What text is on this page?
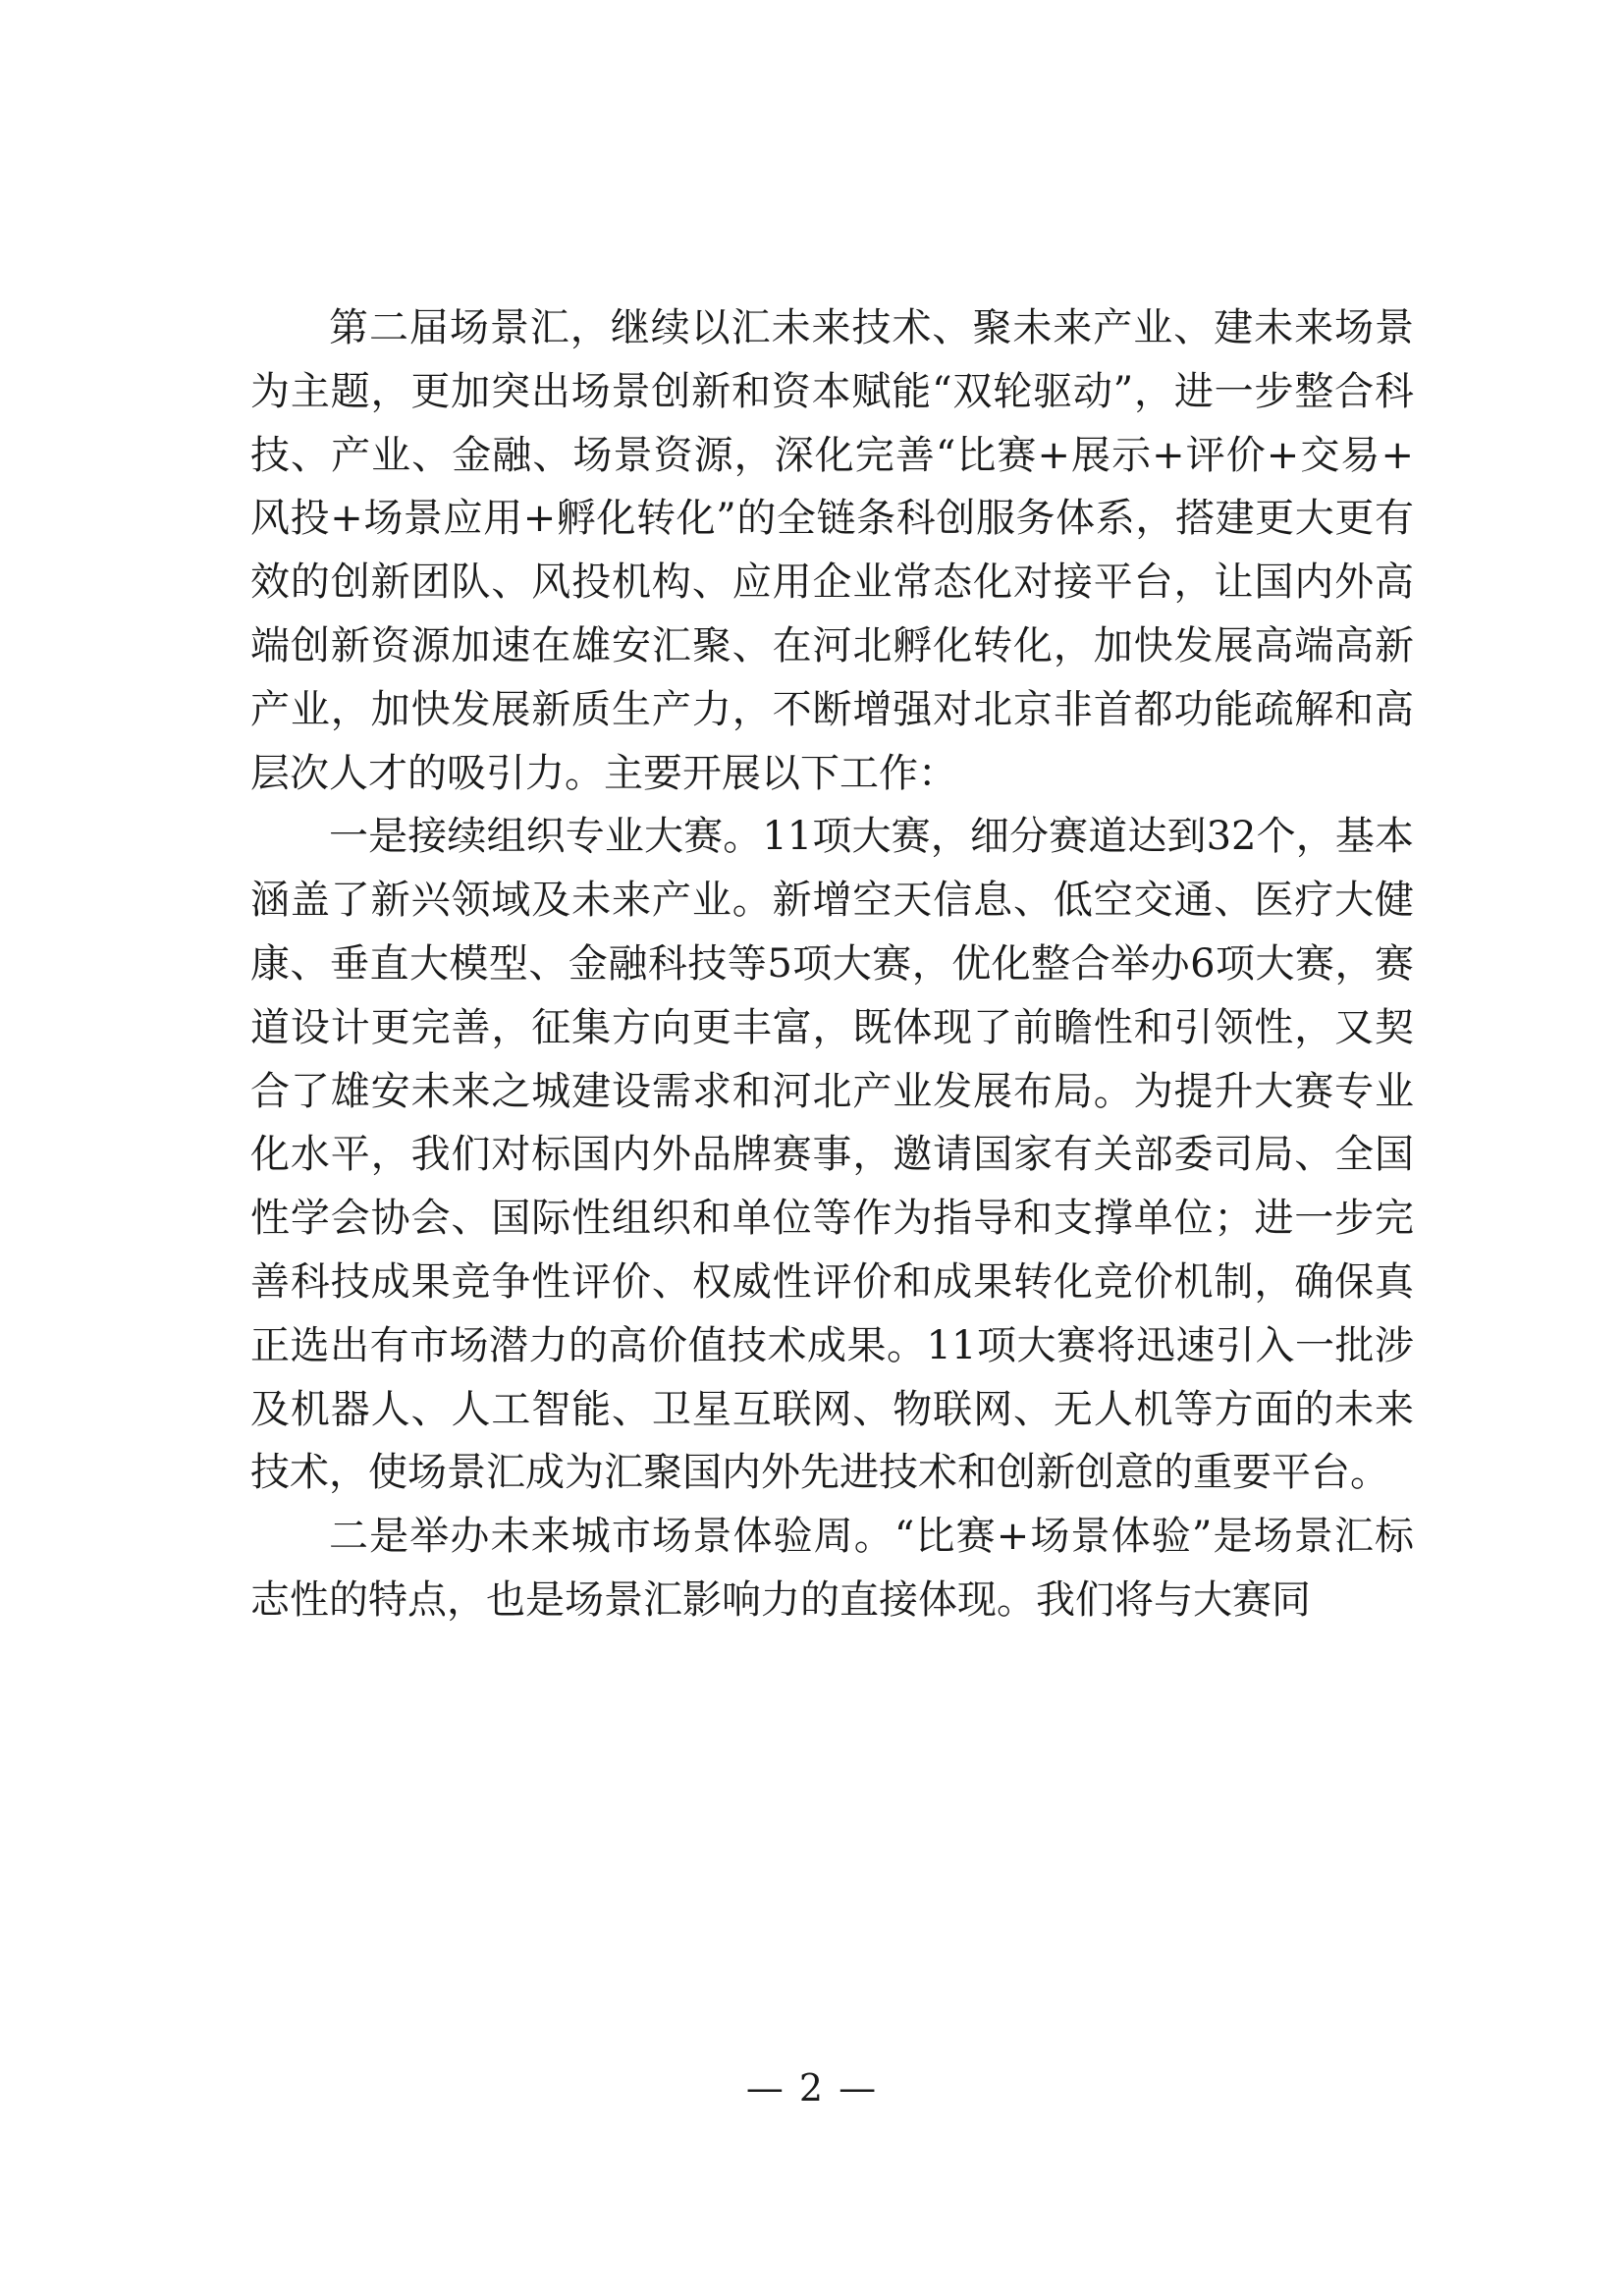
第二届场景汇，继续以汇未来技术、聚未来产业、建未来场景为主题，更加突出场景创新和资本赋能“双轮驱动”，进一步整合科技、产业、金融、场景资源，深化完善“比赛+展示+评价+交易+风投+场景应用+孵化转化”的全链条科创服务体系，搭建更大更有效的创新团队、风投机构、应用企业常态化对接平台，让国内外高端创新资源加速在雄安汇聚、在河北孵化转化，加快发展高端高新产业，加快发展新质生产力，不断增强对北京非首都功能疏解和高层次人才的吸引力。主要开展以下工作：

一是接续组织专业大赛。11项大赛，细分赛道达到32个，基本涵盖了新兴领域及未来产业。新增空天信息、低空交通、医疗大健康、垂直大模型、金融科技等5项大赛，优化整合举办6项大赛，赛道设计更完善，征集方向更丰富，既体现了前瞻性和引领性，又契合了雄安未来之城建设需求和河北产业发展布局。为提升大赛专业化水平，我们对标国内外品牌赛事，邀请国家有关部委司局、全国性学会协会、国际性组织和单位等作为指导和支撑单位；进一步完善科技成果竞争性评价、权威性评价和成果转化竞价机制，确保真正选出有市场潜力的高价值技术成果。11项大赛将迅速引入一批涉及机器人、人工智能、卫星互联网、物联网、无人机等方面的未来技术，使场景汇成为汇聚国内外先进技术和创新创意的重要平台。

二是举办未来城市场景体验周。“比赛+场景体验”是场景汇标志性的特点，也是场景汇影响力的直接体现。我们将与大赛同

— 2 —
